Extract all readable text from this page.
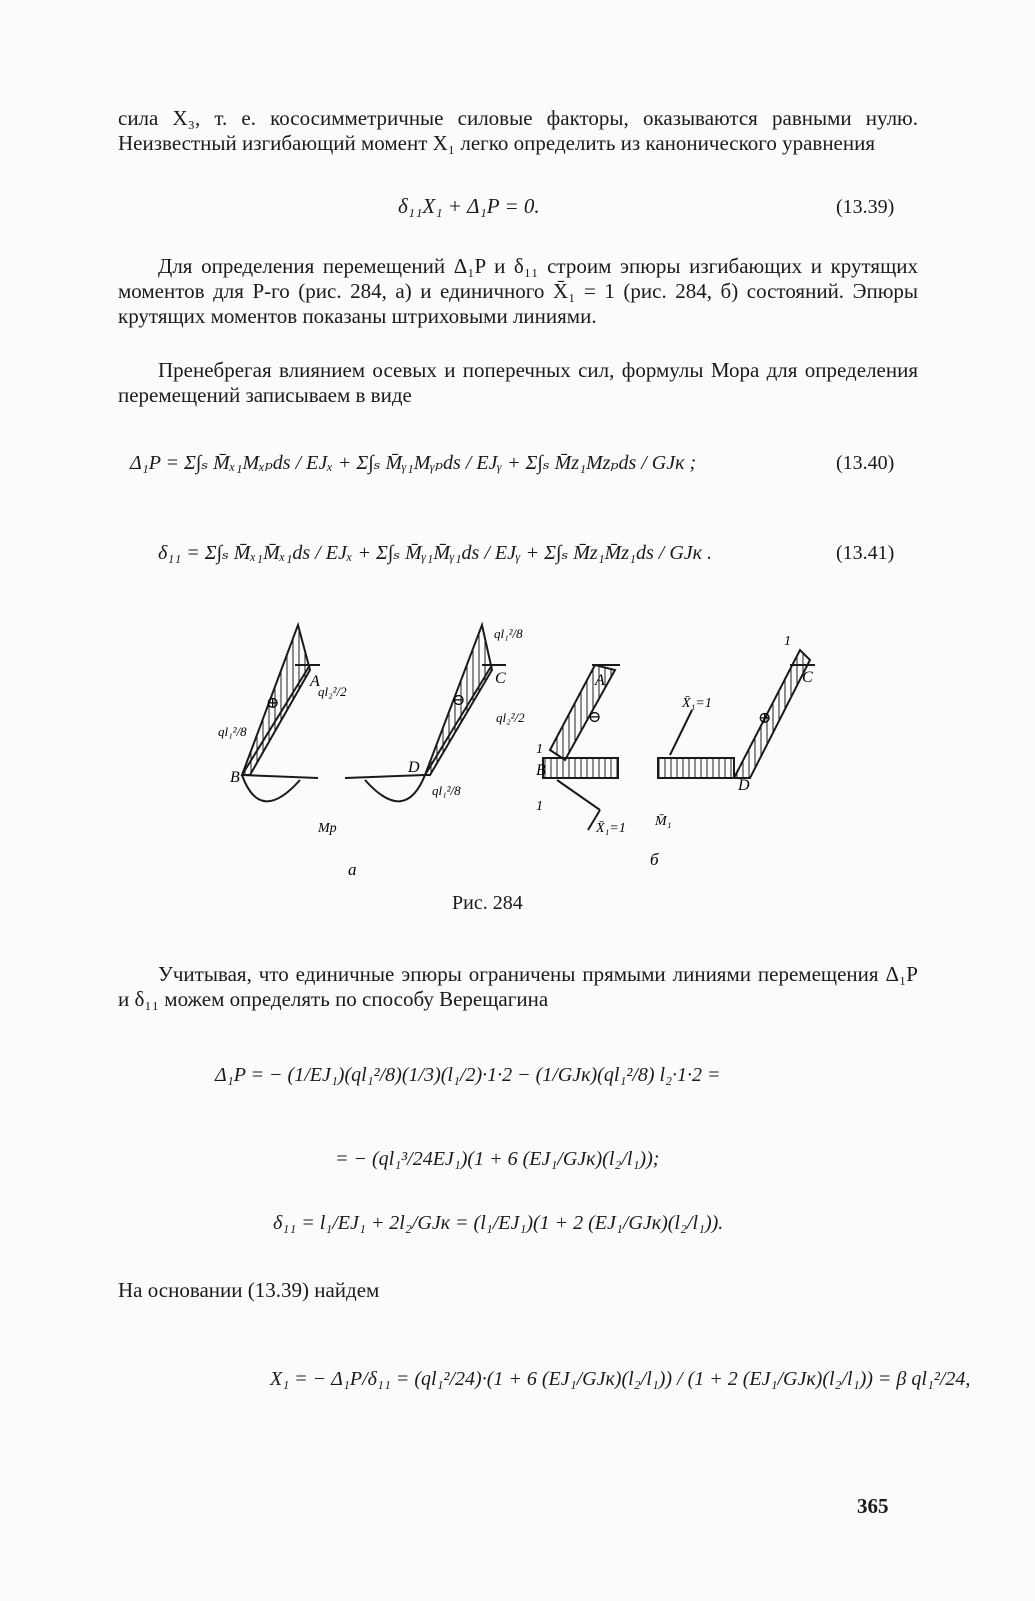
сила X₃, т. е. кососимметричные силовые факторы, оказываются равными нулю. Неизвестный изгибающий момент X₁ легко определить из канонического уравнения
δ₁₁X₁ + Δ₁P = 0.	(13.39)
Для определения перемещений Δ₁P и δ₁₁ строим эпюры изгибающих и крутящих моментов для P-го (рис. 284, а) и единичного X̄₁ = 1 (рис. 284, б) состояний. Эпюры крутящих моментов показаны штриховыми линиями.
Пренебрегая влиянием осевых и поперечных сил, формулы Мора для определения перемещений записываем в виде
Δ₁P = Σ∫ₛ M̄ₓ₁Mₓₚds / EJₓ + Σ∫ₛ M̄ᵧ₁Mᵧₚds / EJᵧ + Σ∫ₛ M̄z₁Mzₚds / GJк ;	(13.40)
δ₁₁ = Σ∫ₛ M̄ₓ₁M̄ₓ₁ds / EJₓ + Σ∫ₛ M̄ᵧ₁M̄ᵧ₁ds / EJᵧ + Σ∫ₛ M̄z₁M̄z₁ds / GJк .	(13.41)
A
B
C
D
ql₁²/8
ql₂²/2
ql₁²/8
ql₂²/2
ql₁²/8
⊕	⊖
⊖
B
A
X̄₁=1
X̄₁=1
D
C
⊕
1
1
1
Mp	M̄₁
а
б
Рис. 284
Учитывая, что единичные эпюры ограничены прямыми линиями перемещения Δ₁P и δ₁₁ можем определять по способу Верещагина
Δ₁P = − (1/EJ₁)(ql₁²/8)(1/3)(l₁/2)·1·2 − (1/GJк)(ql₁²/8) l₂·1·2 =
= − (ql₁³/24EJ₁)(1 + 6 (EJ₁/GJк)(l₂/l₁));
δ₁₁ = l₁/EJ₁ + 2l₂/GJк = (l₁/EJ₁)(1 + 2 (EJ₁/GJк)(l₂/l₁)).
На основании (13.39) найдем
X₁ = − Δ₁P/δ₁₁ = (ql₁²/24)·(1 + 6 (EJ₁/GJк)(l₂/l₁)) / (1 + 2 (EJ₁/GJк)(l₂/l₁)) = β ql₁²/24,
365
